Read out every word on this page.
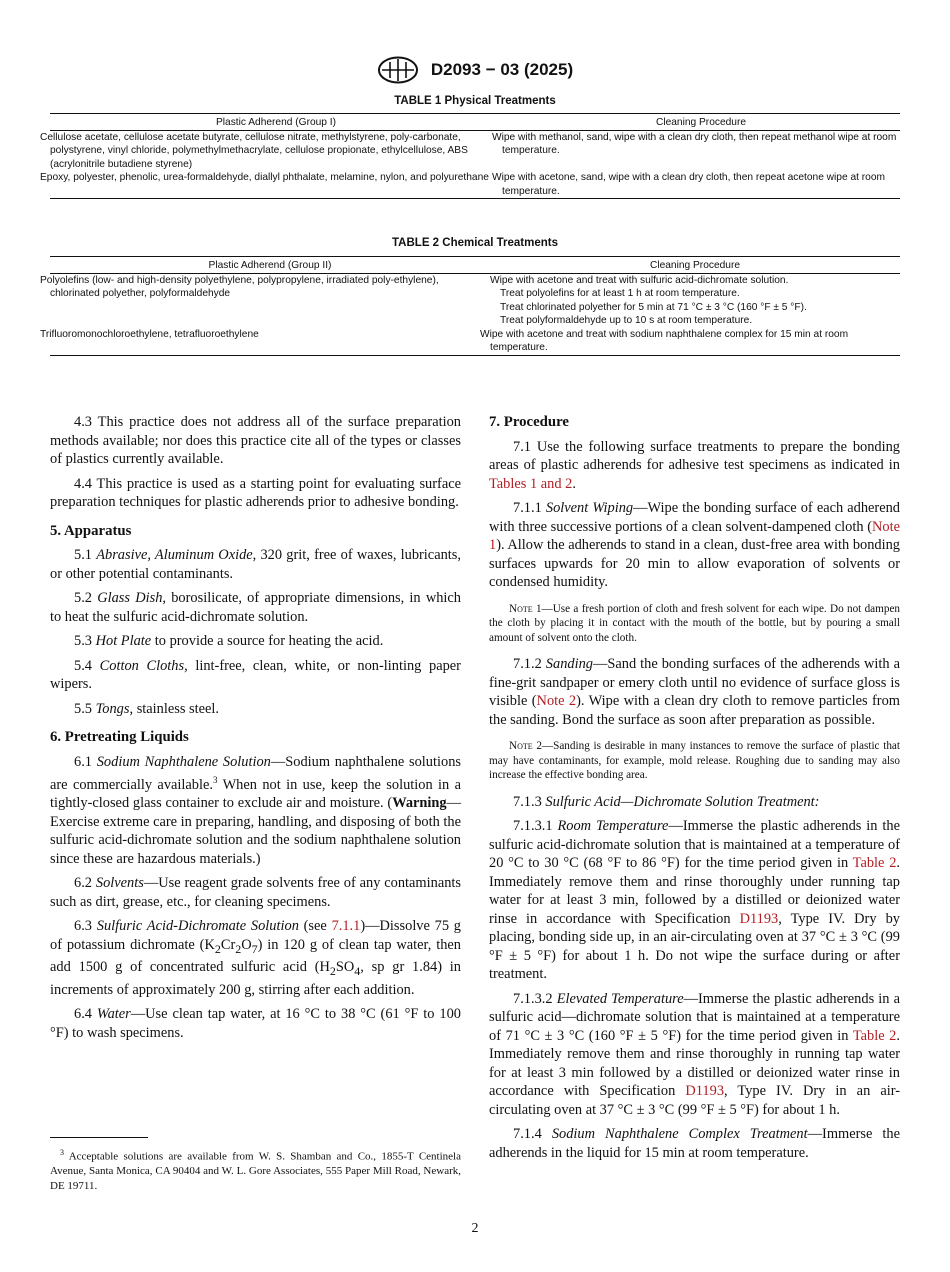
D2093 − 03 (2025)
TABLE 1 Physical Treatments
Plastic Adherend (Group I)	Cleaning Procedure
Cellulose acetate, cellulose acetate butyrate, cellulose nitrate, methylstyrene, poly-carbonate, polystyrene, vinyl chloride, polymethylmethacrylate, cellulose propionate, ethylcellulose, ABS (acrylonitrile butadiene styrene)	Wipe with methanol, sand, wipe with a clean dry cloth, then repeat methanol wipe at room temperature.
Epoxy, polyester, phenolic, urea-formaldehyde, diallyl phthalate, melamine, nylon, and polyurethane	Wipe with acetone, sand, wipe with a clean dry cloth, then repeat acetone wipe at room temperature.
TABLE 2 Chemical Treatments
Plastic Adherend (Group II)	Cleaning Procedure
Polyolefins (low- and high-density polyethylene, polypropylene, irradiated poly-ethylene), chlorinated polyether, polyformaldehyde	Wipe with acetone and treat with sulfuric acid-dichromate solution.
Treat polyolefins for at least 1 h at room temperature.
Treat chlorinated polyether for 5 min at 71 °C ± 3 °C (160 °F ± 5 °F).
Treat polyformaldehyde up to 10 s at room temperature.

Trifluoromonochloroethylene, tetrafluoroethylene	Wipe with acetone and treat with sodium naphthalene complex for 15 min at room temperature.

4.3 This practice does not address all of the surface preparation methods available; nor does this practice cite all of the types or classes of plastics currently available.

4.4 This practice is used as a starting point for evaluating surface preparation techniques for plastic adherends prior to adhesive bonding.

5. Apparatus

5.1 Abrasive, Aluminum Oxide, 320 grit, free of waxes, lubricants, or other potential contaminants.

5.2 Glass Dish, borosilicate, of appropriate dimensions, in which to heat the sulfuric acid-dichromate solution.

5.3 Hot Plate to provide a source for heating the acid.

5.4 Cotton Cloths, lint-free, clean, white, or non-linting paper wipers.

5.5 Tongs, stainless steel.

6. Pretreating Liquids

6.1 Sodium Naphthalene Solution—Sodium naphthalene solutions are commercially available.$^3$ When not in use, keep the solution in a tightly-closed glass container to exclude air and moisture. (Warning—Exercise extreme care in preparing, handling, and disposing of both the sulfuric acid-dichromate solution and the sodium naphthalene solution since these are hazardous materials.)

6.2 Solvents—Use reagent grade solvents free of any contaminants such as dirt, grease, etc., for cleaning specimens.

6.3 Sulfuric Acid-Dichromate Solution (see 7.1.1)—Dissolve 75 g of potassium dichromate $(K_2Cr_2O_7)$ in 120 g of clean tap water, then add 1500 g of concentrated sulfuric acid ($H_2SO_4$, sp gr 1.84) in increments of approximately 200 g, stirring after each addition.

6.4 Water—Use clean tap water, at 16 °C to 38 °C (61 °F to 100 °F) to wash specimens.

$^3$ Acceptable solutions are available from W. S. Shamban and Co., 1855-T Centinela Avenue, Santa Monica, CA 90404 and W. L. Gore Associates, 555 Paper Mill Road, Newark, DE 19711.
7. Procedure

7.1 Use the following surface treatments to prepare the bonding areas of plastic adherends for adhesive test specimens as indicated in Tables 1 and 2.

7.1.1 Solvent Wiping—Wipe the bonding surface of each adherend with three successive portions of a clean solvent-dampened cloth (Note 1). Allow the adherends to stand in a clean, dust-free area with bonding surfaces upwards for 20 min to allow evaporation of solvents or condensed humidity.

Note 1—Use a fresh portion of cloth and fresh solvent for each wipe. Do not dampen the cloth by placing it in contact with the mouth of the bottle, but by pouring a small amount of solvent onto the cloth.

7.1.2 Sanding—Sand the bonding surfaces of the adherends with a fine-grit sandpaper or emery cloth until no evidence of surface gloss is visible (Note 2). Wipe with a clean dry cloth to remove particles from the sanding. Bond the surface as soon after preparation as possible.

Note 2—Sanding is desirable in many instances to remove the surface of plastic that may have contaminants, for example, mold release. Roughing due to sanding may also increase the effective bonding area.

7.1.3 Sulfuric Acid—Dichromate Solution Treatment:

7.1.3.1 Room Temperature—Immerse the plastic adherends in the sulfuric acid-dichromate solution that is maintained at a temperature of 20 °C to 30 °C (68 °F to 86 °F) for the time period given in Table 2. Immediately remove them and rinse thoroughly under running tap water for at least 3 min, followed by a distilled or deionized water rinse in accordance with Specification D1193, Type IV. Dry by placing, bonding side up, in an air-circulating oven at 37 °C ± 3 °C (99 °F ± 5 °F) for about 1 h. Do not wipe the surface during or after treatment.

7.1.3.2 Elevated Temperature—Immerse the plastic adherends in a sulfuric acid—dichromate solution that is maintained at a temperature of 71 °C ± 3 °C (160 °F ± 5 °F) for the time period given in Table 2. Immediately remove them and rinse thoroughly in running tap water for at least 3 min followed by a distilled or deionized water rinse in accordance with Specification D1193, Type IV. Dry in an air-circulating oven at 37 °C ± 3 °C (99 °F ± 5 °F) for about 1 h.

7.1.4 Sodium Naphthalene Complex Treatment—Immerse the adherends in the liquid for 15 min at room temperature.

2
